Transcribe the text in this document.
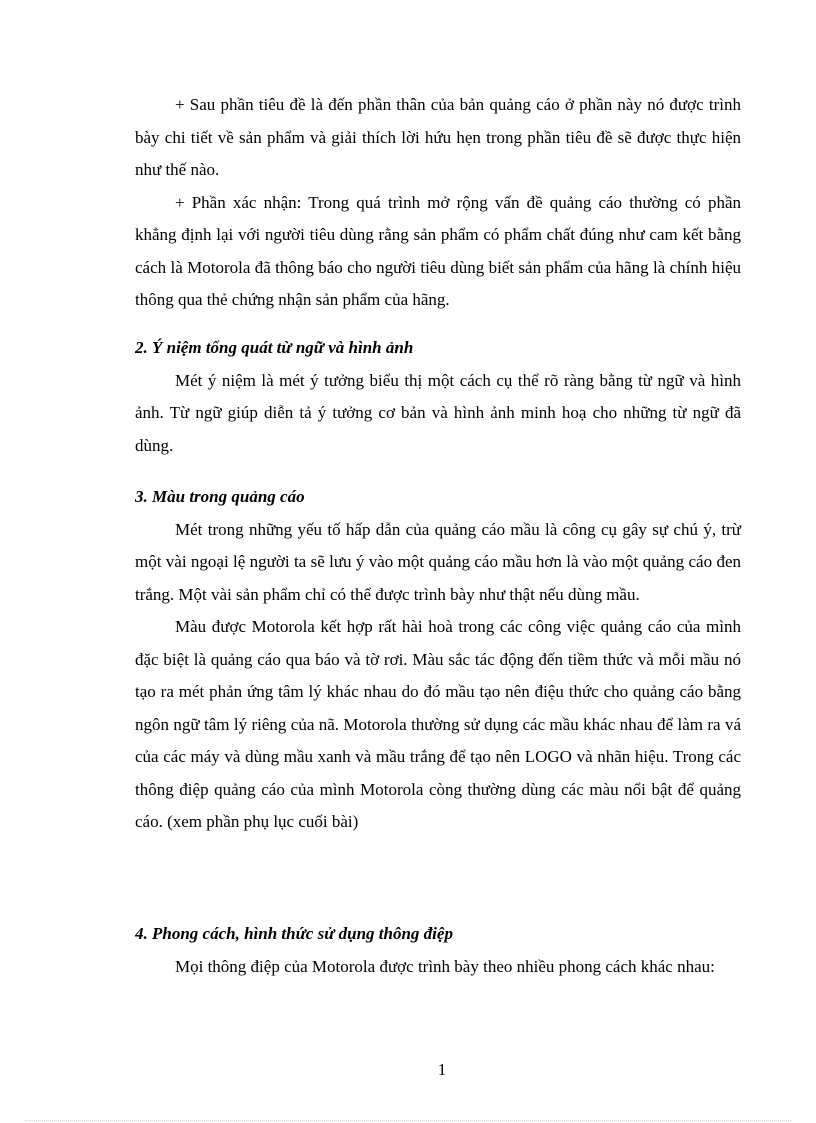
+ Sau phần tiêu đề là đến phần thân của bản quảng cáo ở phần này nó được trình bày chi tiết về sản phẩm và giải thích lời hứu hẹn trong phần tiêu đề sẽ được thực hiện như thế nào.

+ Phần xác nhận: Trong quá trình mở rộng vấn đề quảng cáo thường có phần khẳng định lại với người tiêu dùng rằng sản phẩm có phẩm chất đúng như cam kết bằng cách là Motorola đã thông báo cho người tiêu dùng biết sản phẩm của hãng là chính hiệu thông qua thẻ chứng nhận sản phẩm của hãng.

2. Ý niệm tổng quát từ ngữ và hình ảnh

Mét ý niệm là mét ý tưởng biểu thị một cách cụ thể rõ ràng bằng từ ngữ và hình ảnh. Từ ngữ giúp diễn tả ý tưởng cơ bản và hình ảnh minh hoạ cho những từ ngữ đã dùng.

3. Màu trong quảng cáo

Mét trong những yếu tố hấp dẫn của quảng cáo mầu là công cụ gây sự chú ý, trừ một vài ngoại lệ người ta sẽ lưu ý vào một quảng cáo mầu hơn là vào một quảng cáo đen trắng. Một vài sản phẩm chỉ có thể được trình bày như thật nếu dùng mầu.

Màu được Motorola kết hợp rất hài hoà trong các công việc quảng cáo của mình đặc biệt là quảng cáo qua báo và tờ rơi. Màu sắc tác động đến tiềm thức và mỗi mầu nó tạo ra mét phản ứng tâm lý khác nhau do đó mầu tạo nên điệu thức cho quảng cáo bằng ngôn ngữ tâm lý riêng của nã. Motorola thường sử dụng các mầu khác nhau để làm ra vá của các máy và dùng mầu xanh và mầu trắng để tạo nên LOGO và nhãn hiệu. Trong các thông điệp quảng cáo của mình Motorola còng thường dùng các màu nổi bật để quảng cáo. (xem phần phụ lục cuối bài)

4. Phong cách, hình thức sử dụng thông điệp

Mọi thông điệp của Motorola được trình bày theo nhiều phong cách khác nhau:

1
